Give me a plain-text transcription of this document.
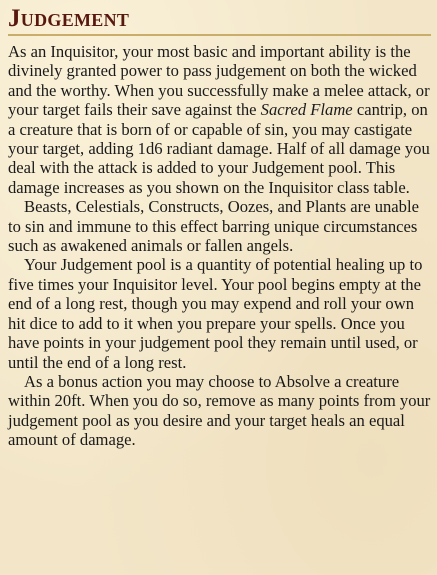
Judgement

As an Inquisitor, your most basic and important ability is the divinely granted power to pass judgement on both the wicked and the worthy. When you successfully make a melee attack, or your target fails their save against the Sacred Flame cantrip, on a creature that is born of or capable of sin, you may castigate your target, adding 1d6 radiant damage. Half of all damage you deal with the attack is added to your Judgement pool. This damage increases as you shown on the Inquisitor class table.

Beasts, Celestials, Constructs, Oozes, and Plants are unable to sin and immune to this effect barring unique circumstances such as awakened animals or fallen angels.

Your Judgement pool is a quantity of potential healing up to five times your Inquisitor level. Your pool begins empty at the end of a long rest, though you may expend and roll your own hit dice to add to it when you prepare your spells. Once you have points in your judgement pool they remain until used, or until the end of a long rest.

As a bonus action you may choose to Absolve a creature within 20ft. When you do so, remove as many points from your judgement pool as you desire and your target heals an equal amount of damage.
